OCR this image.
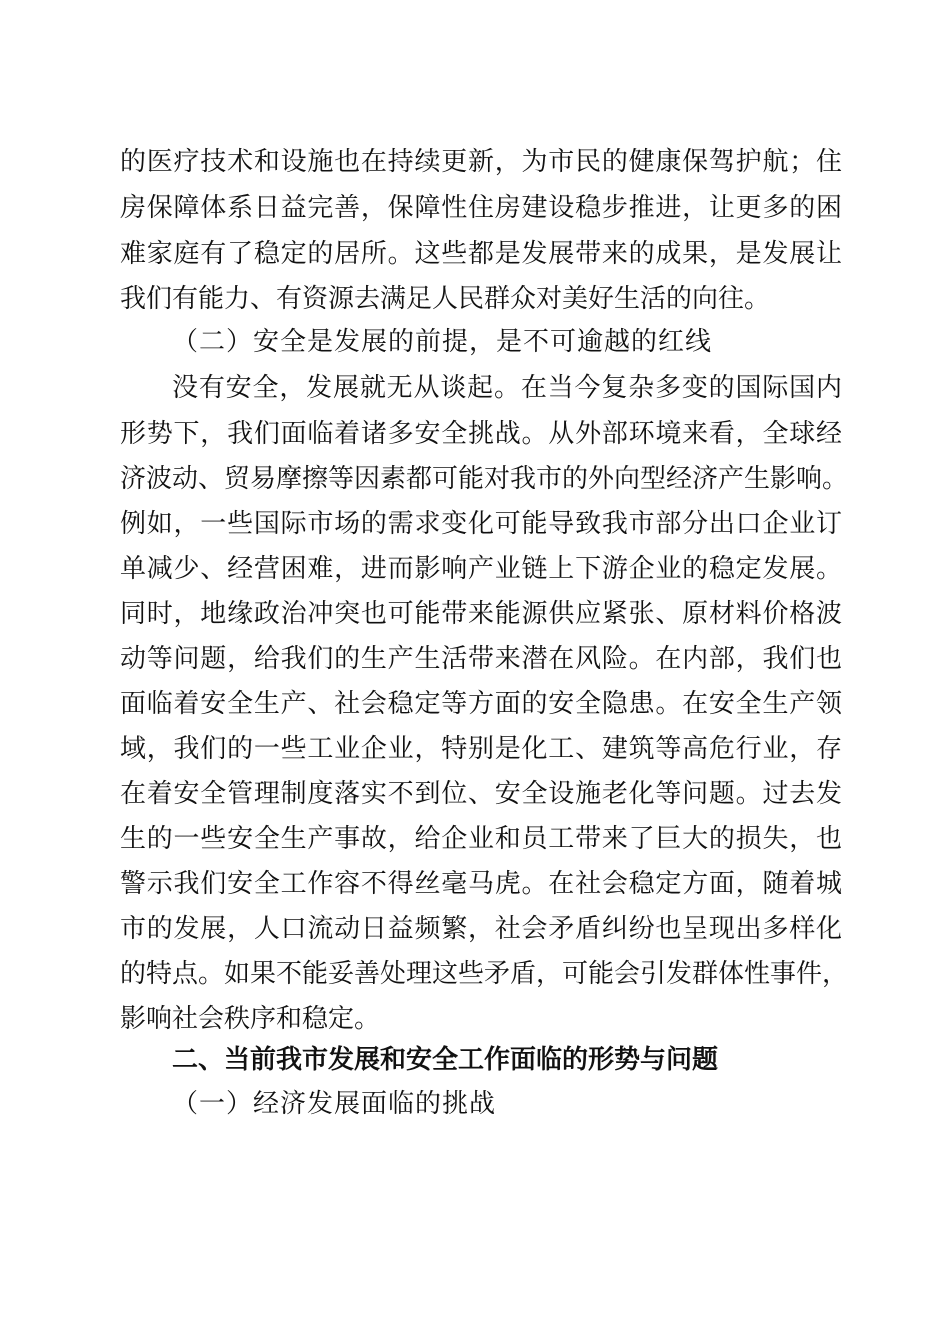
的医疗技术和设施也在持续更新，为市民的健康保驾护航；住
房保障体系日益完善，保障性住房建设稳步推进，让更多的困
难家庭有了稳定的居所。这些都是发展带来的成果，是发展让
我们有能力、有资源去满足人民群众对美好生活的向往。
（二）安全是发展的前提，是不可逾越的红线
没有安全，发展就无从谈起。在当今复杂多变的国际国内
形势下，我们面临着诸多安全挑战。从外部环境来看，全球经
济波动、贸易摩擦等因素都可能对我市的外向型经济产生影响。
例如，一些国际市场的需求变化可能导致我市部分出口企业订
单减少、经营困难，进而影响产业链上下游企业的稳定发展。
同时，地缘政治冲突也可能带来能源供应紧张、原材料价格波
动等问题，给我们的生产生活带来潜在风险。在内部，我们也
面临着安全生产、社会稳定等方面的安全隐患。在安全生产领
域，我们的一些工业企业，特别是化工、建筑等高危行业，存
在着安全管理制度落实不到位、安全设施老化等问题。过去发
生的一些安全生产事故，给企业和员工带来了巨大的损失，也
警示我们安全工作容不得丝毫马虎。在社会稳定方面，随着城
市的发展，人口流动日益频繁，社会矛盾纠纷也呈现出多样化
的特点。如果不能妥善处理这些矛盾，可能会引发群体性事件，
影响社会秩序和稳定。
二、当前我市发展和安全工作面临的形势与问题
（一）经济发展面临的挑战
